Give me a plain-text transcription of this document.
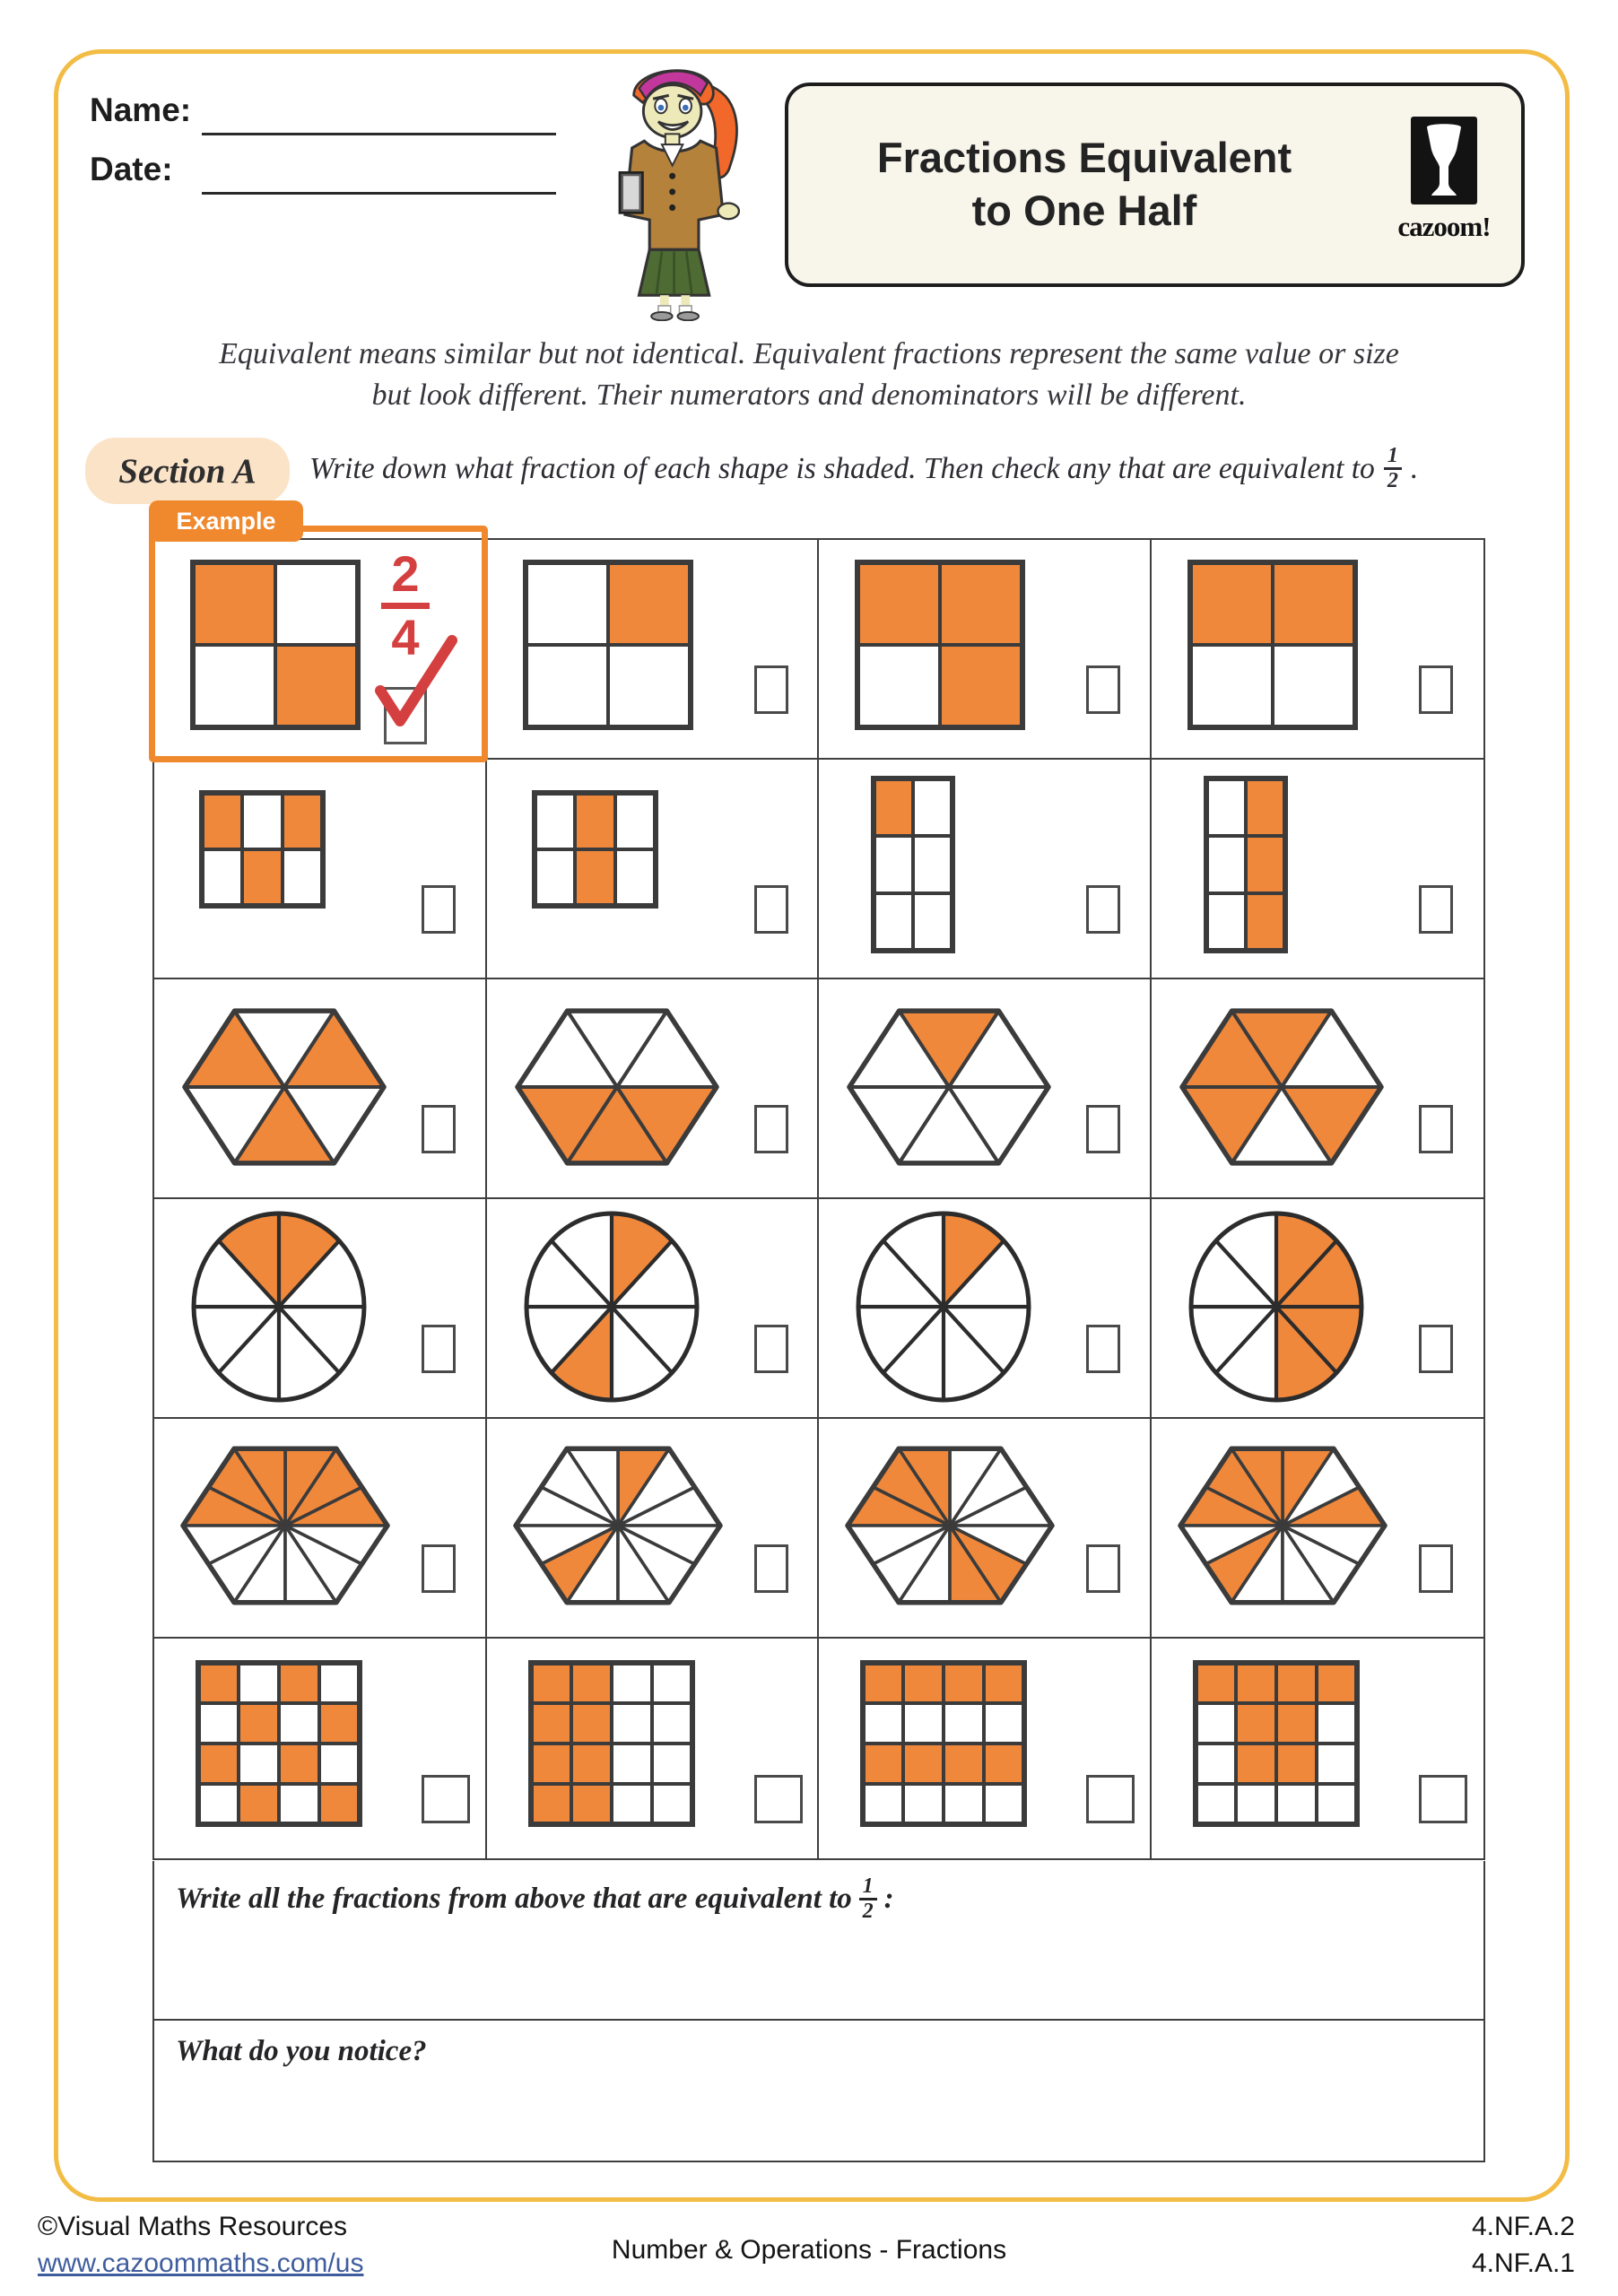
Name:
Date:	Fractions Equivalent
to One Half	cazoom!
Equivalent means similar but not identical. Equivalent fractions represent the same value or size
but look different. Their numerators and denominators will be different.
Section A	Write down what fraction of each shape is shaded. Then check any that are equivalent to 1
2 .
Example
2
4
Write all the fractions from above that are equivalent to 1
2 :
What do you notice?
©Visual Maths Resources
www.cazoommaths.com/us	Number & Operations - Fractions
4.NF.A.2
4.NF.A.1
